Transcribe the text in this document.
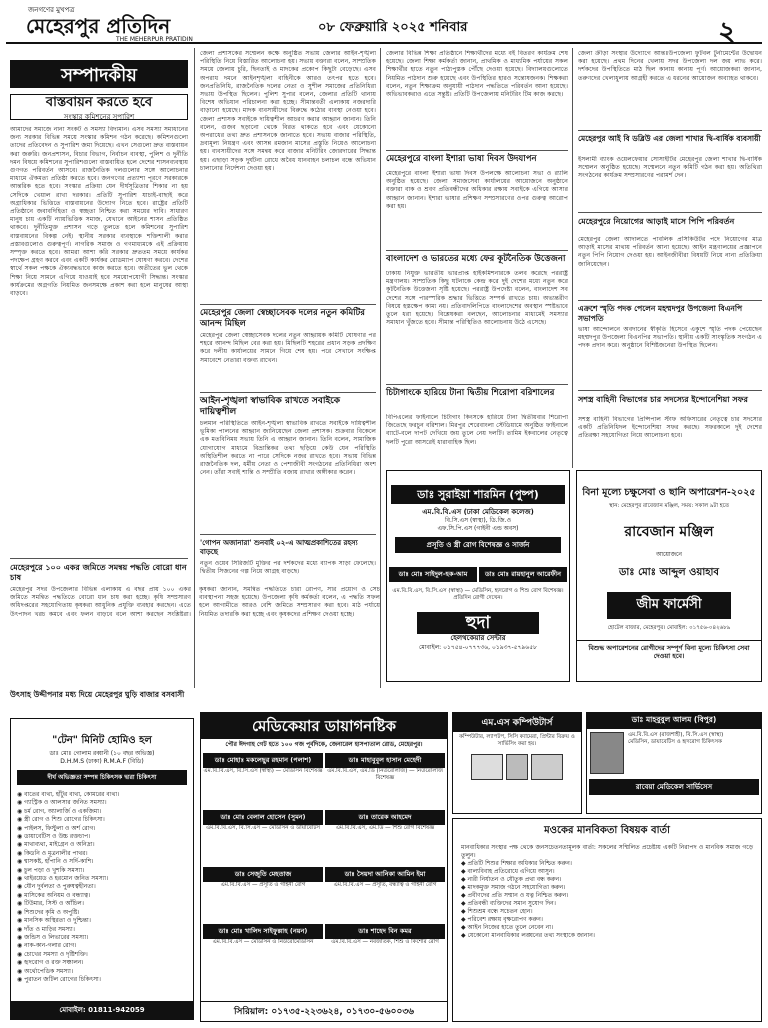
জনগণের মুখপত্র
মেহেরপুর প্রতিদিন
THE MEHERPUR PRATIDIN
০৮ ফেব্রুয়ারি ২০২৫ শনিবার	২
সম্পাদকীয়
বাস্তবায়ন করতে হবে
সংস্কার কমিশনের সুপারিশ
আমাদের সমাজে নানা সংকট ও সমস্যা বিদ্যমান। এসব সমস্যা সমাধানের জন্য সরকার বিভিন্ন সময়ে সংস্কার কমিশন গঠন করেছে। কমিশনগুলো তাদের প্রতিবেদন ও সুপারিশ জমা দিয়েছে। এখন সেগুলো দ্রুত বাস্তবায়ন করা জরুরি। জনপ্রশাসন, বিচার বিভাগ, নির্বাচন ব্যবস্থা, পুলিশ ও দুর্নীতি দমন বিষয়ে কমিশনের সুপারিশগুলো বাস্তবায়িত হলে দেশের শাসনব্যবস্থায় গুণগত পরিবর্তন আসবে। রাজনৈতিক দলগুলোর সঙ্গে আলোচনার মাধ্যমে ঐকমত্য প্রতিষ্ঠা করতে হবে। জনগণের প্রত্যাশা পূরণে সরকারকে আন্তরিক হতে হবে। সংস্কার প্রক্রিয়া যেন দীর্ঘসূত্রিতার শিকার না হয় সেদিকে খেয়াল রাখা দরকার। প্রতিটি সুপারিশ যাচাই-বাছাই করে অগ্রাধিকার ভিত্তিতে বাস্তবায়নের উদ্যোগ নিতে হবে। রাষ্ট্রের প্রতিটি প্রতিষ্ঠানে জবাবদিহিতা ও স্বচ্ছতা নিশ্চিত করা সময়ের দাবি। সাধারণ মানুষ চায় একটি ন্যায়ভিত্তিক সমাজ, যেখানে আইনের শাসন প্রতিষ্ঠিত থাকবে। দুর্নীতিমুক্ত প্রশাসন গড়ে তুলতে হলে কমিশনের সুপারিশ বাস্তবায়নের বিকল্প নেই। স্থানীয় সরকার ব্যবস্থাকে শক্তিশালী করার প্রস্তাবগুলোও গুরুত্বপূর্ণ। নাগরিক সমাজ ও গণমাধ্যমকে এই প্রক্রিয়ায় সম্পৃক্ত করতে হবে। আমরা আশা করি সরকার দ্রুততম সময়ে কার্যকর পদক্ষেপ গ্রহণ করবে এবং একটি কার্যকর রোডম্যাপ ঘোষণা করবে। দেশের স্বার্থে সকল পক্ষকে ঐক্যবদ্ধভাবে কাজ করতে হবে। অতীতের ভুল থেকে শিক্ষা নিয়ে সামনে এগিয়ে যাওয়াই হবে সময়োপযোগী সিদ্ধান্ত। সংস্কার কার্যক্রমের অগ্রগতি নিয়মিত জনসমক্ষে প্রকাশ করা হলে মানুষের আস্থা বাড়বে।
মেহেরপুরে ১০০ একর জমিতে সমন্বয় পদ্ধতি বোরো ধান চাষ
মেহেরপুর সদর উপজেলার বিভিন্ন এলাকায় এ বছর প্রায় ১০০ একর জমিতে সমন্বিত পদ্ধতিতে বোরো ধান চাষ করা হচ্ছে। কৃষি সম্প্রসারণ অধিদপ্তরের সহযোগিতায় কৃষকরা আধুনিক প্রযুক্তি ব্যবহার করছেন। এতে উৎপাদন খরচ কমবে এবং ফলন বাড়বে বলে আশা করছেন সংশ্লিষ্টরা। কৃষকরা জানান, সমন্বিত পদ্ধতিতে চারা রোপণ, সার প্রয়োগ ও সেচ ব্যবস্থাপনা সহজ হয়েছে। উপজেলা কৃষি কর্মকর্তা বলেন, এ পদ্ধতি সফল হলে আগামীতে আরও বেশি জমিতে সম্প্রসারণ করা হবে। মাঠ পর্যায়ে নিয়মিত তদারকি করা হচ্ছে এবং কৃষকদের প্রশিক্ষণ দেওয়া হচ্ছে।
উৎসাহ উদ্দীপনার মধ্য দিয়ে মেহেরপুর ঘুড়ি বাজার বসবাসী
জেলা প্রশাসকের সম্মেলন কক্ষে অনুষ্ঠিত সভায় জেলার আইন-শৃঙ্খলা পরিস্থিতি নিয়ে বিস্তারিত আলোচনা হয়। সভায় বক্তারা বলেন, সাম্প্রতিক সময়ে জেলায় চুরি, ছিনতাই ও মাদকের প্রকোপ কিছুটা বেড়েছে। এসব অপরাধ দমনে আইনশৃঙ্খলা বাহিনীকে আরও তৎপর হতে হবে। জনপ্রতিনিধি, রাজনৈতিক দলের নেতা ও সুশীল সমাজের প্রতিনিধিরা সভায় উপস্থিত ছিলেন। পুলিশ সুপার বলেন, জেলার প্রতিটি থানায় বিশেষ অভিযান পরিচালনা করা হচ্ছে। সীমান্তবর্তী এলাকায় নজরদারি বাড়ানো হয়েছে। মাদক ব্যবসায়ীদের বিরুদ্ধে কঠোর ব্যবস্থা নেওয়া হবে। জেলা প্রশাসক সবাইকে দায়িত্বশীল আচরণ করার আহ্বান জানান। তিনি বলেন, গুজব ছড়ানো থেকে বিরত থাকতে হবে এবং যেকোনো অপরাধের তথ্য দ্রুত প্রশাসনকে জানাতে হবে। সভায় বাজার পরিস্থিতি, দ্রব্যমূল্য নিয়ন্ত্রণ এবং আসন্ন রমজান মাসের প্রস্তুতি নিয়েও আলোচনা হয়। ব্যবসায়ীদের সঙ্গে সমন্বয় করে বাজার মনিটরিং জোরদারের সিদ্ধান্ত হয়। এছাড়া সড়ক দুর্ঘটনা রোধে অবৈধ যানবাহন চলাচল বন্ধে অভিযান চালানোর নির্দেশনা দেওয়া হয়।
মেহেরপুর জেলা স্বেচ্ছাসেবক দলের নতুন কমিটির আনন্দ মিছিল
মেহেরপুর জেলা স্বেচ্ছাসেবক দলের নতুন আহ্বায়ক কমিটি ঘোষণার পর শহরে আনন্দ মিছিল বের করা হয়। মিছিলটি শহরের প্রধান সড়ক প্রদক্ষিণ করে দলীয় কার্যালয়ের সামনে গিয়ে শেষ হয়। পরে সেখানে সংক্ষিপ্ত সমাবেশে নেতারা বক্তব্য রাখেন।
আইন-শৃঙ্খলা স্বাভাবিক রাখতে সবাইকে দায়িত্বশীল
চলমান পরিস্থিতিতে আইন-শৃঙ্খলা স্বাভাবিক রাখতে সবাইকে দায়িত্বশীল ভূমিকা পালনের আহ্বান জানিয়েছেন জেলা প্রশাসক। শুক্রবার বিকেলে এক মতবিনিময় সভায় তিনি এ আহ্বান জানান। তিনি বলেন, সামাজিক যোগাযোগ মাধ্যমে বিভ্রান্তিকর তথ্য ছড়িয়ে কেউ যেন পরিস্থিতি অস্থিতিশীল করতে না পারে সেদিকে নজর রাখতে হবে। সভায় বিভিন্ন রাজনৈতিক দল, ধর্মীয় নেতা ও পেশাজীবী সংগঠনের প্রতিনিধিরা অংশ নেন। তাঁরা সবাই শান্তি ও সম্প্রীতি বজায় রাখার অঙ্গীকার করেন।
'গোপন অজানারা' শুনবাই ০২-এ আত্মপ্রকাশিতের রহস্য বাড়ছে
নতুন ওয়েব সিরিজটি মুক্তির পর দর্শকদের মধ্যে ব্যাপক সাড়া ফেলেছে। দ্বিতীয় সিজনের গল্প নিয়ে আগ্রহ বাড়ছে।
জেলার বিভিন্ন শিক্ষা প্রতিষ্ঠানে শিক্ষার্থীদের মধ্যে বই বিতরণ কার্যক্রম শেষ হয়েছে। জেলা শিক্ষা কর্মকর্তা জানান, প্রাথমিক ও মাধ্যমিক পর্যায়ের সকল শিক্ষার্থীর হাতে নতুন পাঠ্যপুস্তক পৌঁছে দেওয়া হয়েছে। বিদ্যালয়গুলোতে নিয়মিত পাঠদান শুরু হয়েছে এবং উপস্থিতির হারও সন্তোষজনক। শিক্ষকরা বলেন, নতুন শিক্ষাক্রম অনুযায়ী পাঠদান পদ্ধতিতে পরিবর্তন আনা হয়েছে। অভিভাবকরাও এতে সন্তুষ্ট। প্রতিটি উপজেলায় মনিটরিং টিম কাজ করছে।
মেহেরপুরে বাংলা ইশারা ভাষা দিবস উদযাপন
মেহেরপুরে বাংলা ইশারা ভাষা দিবস উপলক্ষে আলোচনা সভা ও র‍্যালি অনুষ্ঠিত হয়েছে। জেলা সমাজসেবা কার্যালয়ের আয়োজনে অনুষ্ঠানে বক্তারা বাক ও শ্রবণ প্রতিবন্ধীদের অধিকার রক্ষায় সবাইকে এগিয়ে আসার আহ্বান জানান। ইশারা ভাষার প্রশিক্ষণ সম্প্রসারণের ওপর গুরুত্ব আরোপ করা হয়।
বাংলাদেশ ও ভারতের মধ্যে ফের কূটনৈতিক উত্তেজনা
ঢাকায় নিযুক্ত ভারতীয় ভারপ্রাপ্ত হাইকমিশনারকে তলব করেছে পররাষ্ট্র মন্ত্রণালয়। সাম্প্রতিক কিছু ঘটনাকে কেন্দ্র করে দুই দেশের মধ্যে নতুন করে কূটনৈতিক উত্তেজনা সৃষ্টি হয়েছে। পররাষ্ট্র উপদেষ্টা বলেন, বাংলাদেশ সব দেশের সঙ্গে পারস্পরিক শ্রদ্ধার ভিত্তিতে সম্পর্ক রাখতে চায়। অভ্যন্তরীণ বিষয়ে হস্তক্ষেপ কাম্য নয়। প্রতিবাদলিপিতে বাংলাদেশের অবস্থান স্পষ্টভাবে তুলে ধরা হয়েছে। বিশ্লেষকরা বলছেন, আলোচনার মাধ্যমেই সমস্যার সমাধান খুঁজতে হবে। সীমান্ত পরিস্থিতিও আলোচনায় উঠে এসেছে।
চিটাগাংকে হারিয়ে টানা দ্বিতীয় শিরোপা বরিশালের
বিপিএলের ফাইনালে চিটাগাং কিংসকে হারিয়ে টানা দ্বিতীয়বার শিরোপা জিতেছে ফরচুন বরিশাল। মিরপুর শেরেবাংলা স্টেডিয়ামে অনুষ্ঠিত ফাইনালে ব্যাটে-বলে দাপট দেখিয়ে জয় তুলে নেয় দলটি। তামিম ইকবালের নেতৃত্বে দলটি পুরো আসরেই ধারাবাহিক ছিল।
জেলা ক্রীড়া সংস্থার উদ্যোগে আন্তঃউপজেলা ফুটবল টুর্নামেন্টের উদ্বোধন করা হয়েছে। প্রথম দিনের খেলায় সদর উপজেলা দল জয় লাভ করে। দর্শকদের উপস্থিতিতে মাঠ ছিল কানায় কানায় পূর্ণ। আয়োজকরা জানান, তরুণদের খেলাধুলায় আগ্রহী করতে এ ধরনের আয়োজন অব্যাহত থাকবে।
মেহেরপুর আই বি ডব্লিউ এর জেলা শাখার দ্বি-বার্ষিক ব্যবসায়ী
ইসলামী ব্যাংক ওয়েলফেয়ার সোসাইটির মেহেরপুর জেলা শাখার দ্বি-বার্ষিক সম্মেলন অনুষ্ঠিত হয়েছে। সম্মেলনে নতুন কমিটি গঠন করা হয়। অতিথিরা সংগঠনের কার্যক্রম সম্প্রসারণের পরামর্শ দেন।
মেহেরপুরে নিয়োগের আড়াই মাসে পিপি পরিবর্তন
মেহেরপুর জেলা আদালতে পাবলিক প্রসিকিউটর পদে নিয়োগের মাত্র আড়াই মাসের মাথায় পরিবর্তন আনা হয়েছে। আইন মন্ত্রণালয়ের প্রজ্ঞাপনে নতুন পিপি নিয়োগ দেওয়া হয়। আইনজীবীরা বিষয়টি নিয়ে নানা প্রতিক্রিয়া জানিয়েছেন।
এক্রশে স্মৃতি পদক পেলেন মহম্মদপুর উপজেলা বিএনপি সভাপতি
ভাষা আন্দোলনে অবদানের স্বীকৃতি হিসেবে একুশে স্মৃতি পদক পেয়েছেন মহম্মদপুর উপজেলা বিএনপির সভাপতি। স্থানীয় একটি সাংস্কৃতিক সংগঠন এ পদক প্রদান করে। অনুষ্ঠানে বিশিষ্টজনেরা উপস্থিত ছিলেন।
সশস্ত্র বাহিনী বিভাগের চার সদস্যের ইন্দোনেশিয়া সফর
সশস্ত্র বাহিনী বিভাগের প্রিন্সিপাল স্টাফ অফিসারের নেতৃত্বে চার সদস্যের একটি প্রতিনিধিদল ইন্দোনেশিয়া সফর করছে। সফরকালে দুই দেশের প্রতিরক্ষা সহযোগিতা নিয়ে আলোচনা হবে।
ডাঃ সুরাইয়া শারমিন (পুষ্প)
এম.বি.বি.এস (ঢাকা মেডিকেল কলেজ)
বি.সি.এস (স্বাস্থ্য), ডি.জি.ও
এফ.সি.পি.এস (গাইনী এন্ড অবস)
প্রসূতি ও স্ত্রী রোগ বিশেষজ্ঞ ও সার্জন
ডাঃ মোঃ সাইদুল-হক-আম	ডাঃ মোঃ রায়হানুল আরেফীন
এম.বি.বি.এস, বি.সি.এস (স্বাস্থ্য) — মেডিসিন, হৃদরোগ ও শিশু রোগ বিশেষজ্ঞ। প্রতিদিন রোগী দেখেন।
হুদা
হেলথকেয়ার সেন্টার
মোবাইল: ০১৭৫৪-০৭৭৭৩৬, ০১৯৩৭-৫৭৯৬৫৮
বিনা মূল্যে চক্ষুসেবা ও ছানি অপারেশন-২০২৫
স্থান: মেহেরপুর রাবেজান মঞ্জিল, সময়: সকাল ৯টা হতে
রাবেজান মঞ্জিল
আয়োজনে
ডাঃ মোঃ আব্দুল ওয়াহাব
জীম ফার্মেসী
হোটেল বাজার, মেহেরপুর। মোবাইল: ০১৭৫৬-০৪২৬৮৯
বিশুদ্ধ অপারেশনের রোগীদের সম্পূর্ণ বিনা মূল্যে চিকিৎসা সেবা দেওয়া হবে।
"টেন" মিনিট হোমিও হল
ডাঃ মোঃ গোলাম রব্বানী (১০ বছর অভিজ্ঞ)
D.H.M.S (ঢাকা) R.M.A.F (বিডি)
দীর্ঘ অভিজ্ঞতা সম্পন্ন চিকিৎসক দ্বারা চিকিৎসা
◉ বাতের ব্যথা, হাঁটুর ব্যথা, কোমরের ব্যথা।
◉ গ্যাস্ট্রিক ও আলসার জনিত সমস্যা।
◉ চর্ম রোগ, অ্যালার্জি ও একজিমা।
◉ স্ত্রী রোগ ও শিশু রোগের চিকিৎসা।
◉ পাইলস, ফিস্টুলা ও অর্শ রোগ।
◉ ডায়াবেটিস ও উচ্চ রক্তচাপ।
◉ মাথাব্যথা, মাইগ্রেন ও অনিদ্রা।
◉ কিডনি ও মূত্রনালীর পাথর।
◉ শ্বাসকষ্ট, হাঁপানি ও সর্দি-কাশি।
◉ চুল পড়া ও খুশকি সমস্যা।
◉ থাইরয়েড ও হরমোন জনিত সমস্যা।
◉ যৌন দুর্বলতা ও পুরুষত্বহীনতা।
◉ মাসিকের অনিয়ম ও বন্ধ্যাত্ব।
◉ টিউমার, সিস্ট ও আঁচিল।
◉ শিশুদের কৃমি ও অপুষ্টি।
◉ মানসিক অস্থিরতা ও দুশ্চিন্তা।
◉ দাঁত ও মাড়ির সমস্যা।
◉ জন্ডিস ও লিভারের সমস্যা।
◉ নাক-কান-গলার রোগ।
◉ চোখের সমস্যা ও দৃষ্টিশক্তি।
◉ হৃদরোগ ও রক্ত সঞ্চালন।
◉ অর্থোপেডিক সমস্যা।
◉ পুরাতন জটিল রোগের চিকিৎসা।
মোবাইল: 01811-942059
মেডিকেয়ার ডায়াগনষ্টিক
পৌর ঈদগাহ গেট হতে ১০০ গজ পূর্বদিকে, জেনারেল হাসপাতাল রোড, মেহেরপুর।
ডাঃ মোহাঃ মকলেছুর রহমান (পলাশ)
এম.বি.বি.এস, বি.সি.এস (স্বাস্থ্য) — মেডিসিন বিশেষজ্ঞ
ডাঃ মাহাবুবুল হাসান মেহেদী
এম.বি.বি.এস, এম.ডি (নিউরোলজি) — নিউরোলজি বিশেষজ্ঞ
ডাঃ মোঃ বেলাল হোসেন (সুমন)
এম.বি.বি.এস, বি.সি.এস — মেডিসিন ও ডায়াবেটিস
ডাঃ তারেক আহমেদ
এম.বি.বি.এস, এম.ডি — শিশু রোগ বিশেষজ্ঞ
ডাঃ সেজুতি মেহতাজ
এম.বি.বি.এস — প্রসূতি ও গাইনী রোগ
ডাঃ সৈয়দা আনিকা আমিন ইমা
এম.বি.বি.এস — প্রসূতি, বন্ধ্যাত্ব ও গাইনী রোগ
ডাঃ মোঃ খালিদ সাইফুল্লাহ (নয়ন)
এম.বি.বি.এস — মেডিসিন ও নিউরোমেডিসিন
ডাঃ শাহেদ বিন কমর
এম.বি.বি.এস — নবজাতক, শিশু ও কিশোর রোগ
সিরিয়াল: ০১৭৩৫-২২৩৬২৪, ০১৭৩০-৫৬০০৩৬
এম.এস কম্পিউটার্স
কম্পিউটার, ল্যাপটপ, সিসি ক্যামেরা, প্রিন্টার বিক্রয় ও সার্ভিসিং করা হয়।
ডাঃ মাহবুবুল আলম (বিপুর)
এম.বি.বি.এস (রাজশাহী), বি.সি.এস (স্বাস্থ্য)
মেডিসিন, ডায়াবেটিস ও হৃদরোগ চিকিৎসক
রাবেয়া মেডিকেল সার্ভিসেস
মওকের মানবিকতা বিষয়ক বার্তা
মানবাধিকার সংস্থার পক্ষ থেকে জনসচেতনতামূলক বার্তা: সকলের সম্মিলিত প্রচেষ্টায় একটি নিরাপদ ও মানবিক সমাজ গড়ে তুলুন।
◆ প্রতিটি শিশুর শিক্ষার অধিকার নিশ্চিত করুন।
◆ বাল্যবিবাহ প্রতিরোধে এগিয়ে আসুন।
◆ নারী নির্যাতন ও যৌতুক প্রথা বন্ধ করুন।
◆ মাদকমুক্ত সমাজ গঠনে সহযোগিতা করুন।
◆ প্রবীণদের প্রতি সম্মান ও যত্ন নিশ্চিত করুন।
◆ প্রতিবন্ধী ব্যক্তিদের সমান সুযোগ দিন।
◆ শিশুশ্রম বন্ধে সচেতন হোন।
◆ পরিবেশ রক্ষায় বৃক্ষরোপণ করুন।
◆ আইন নিজের হাতে তুলে নেবেন না।
◆ যেকোনো মানবাধিকার লঙ্ঘনের তথ্য সংস্থাকে জানান।
